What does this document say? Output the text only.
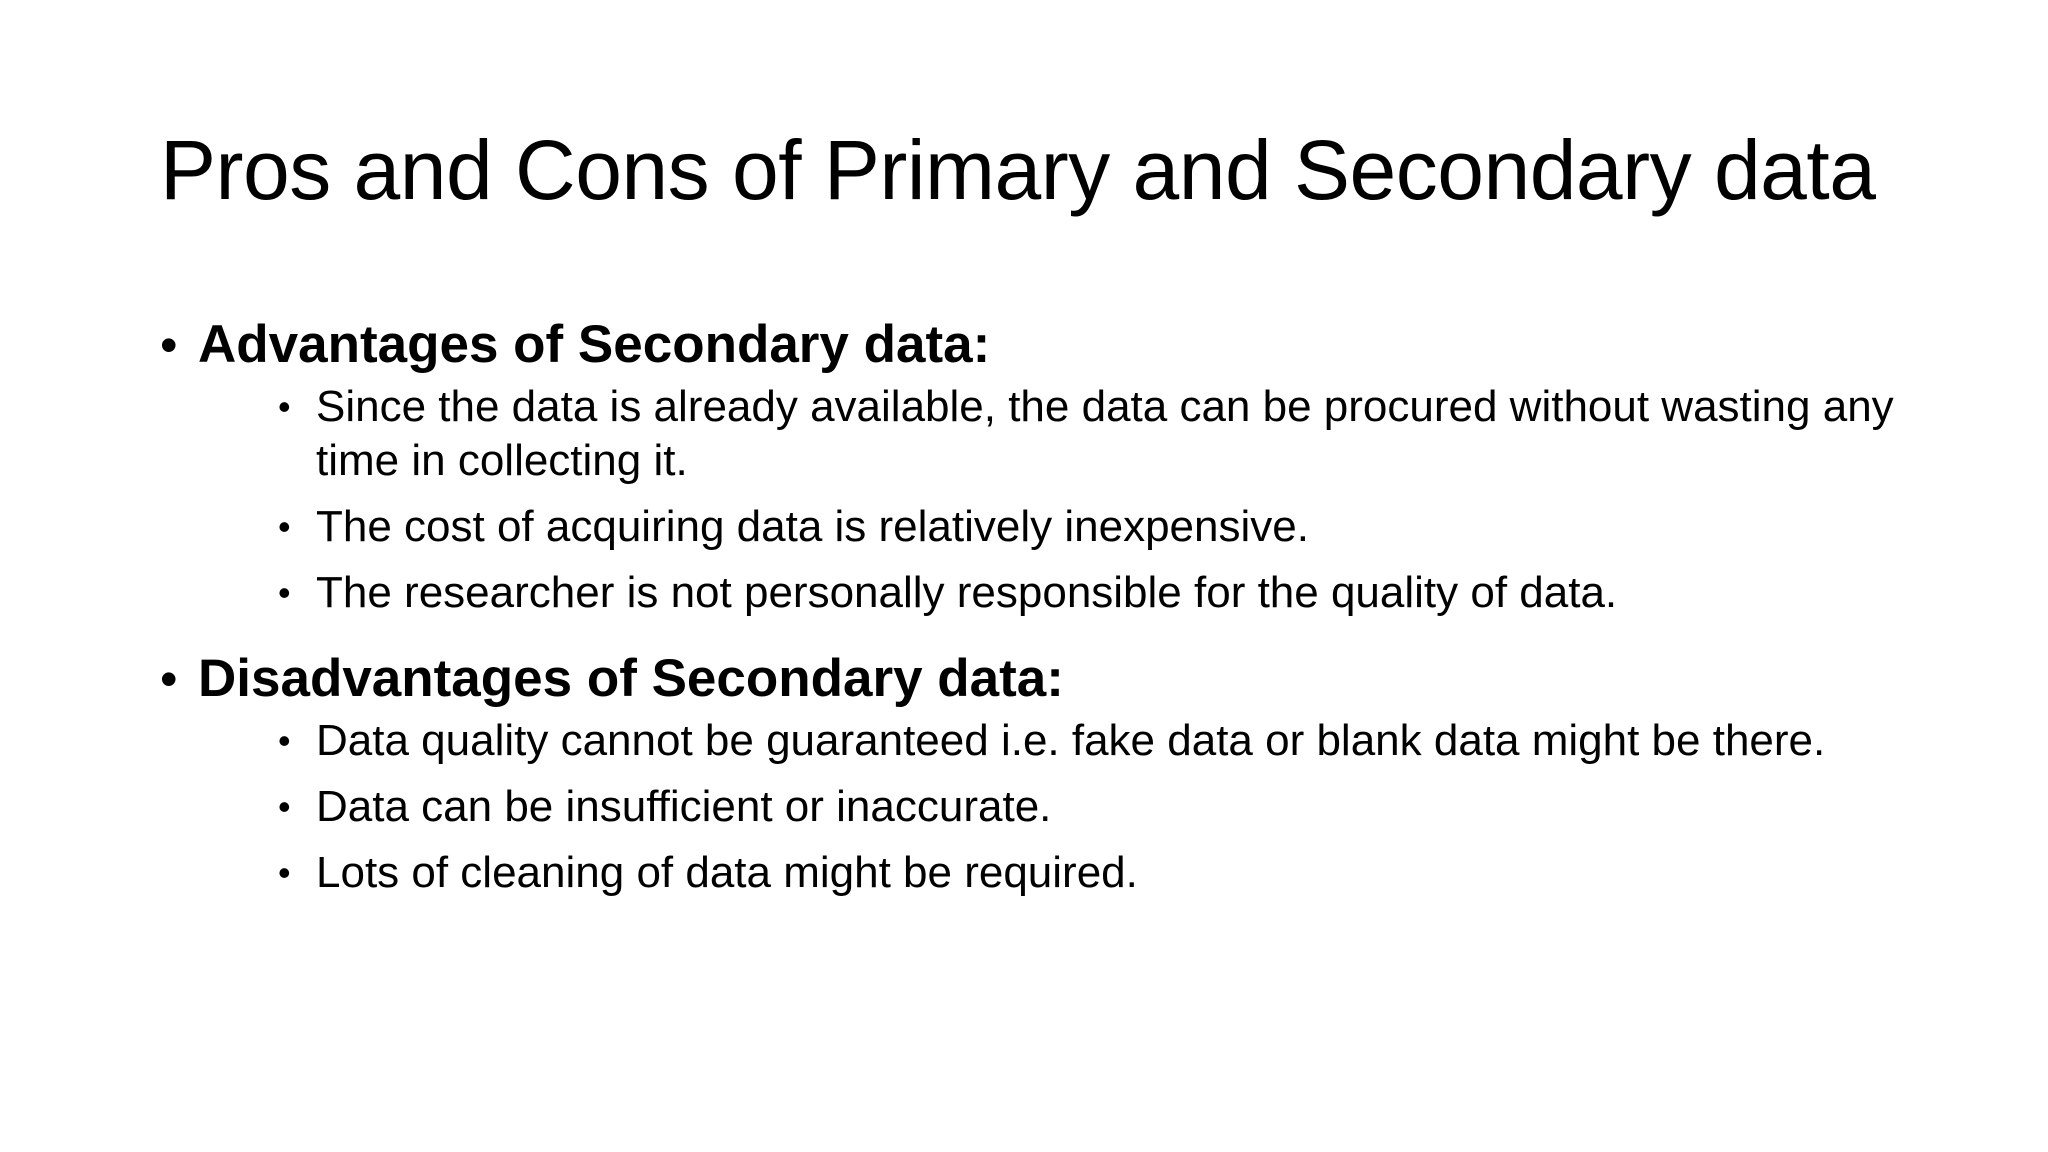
Pros and Cons of Primary and Secondary data
• Advantages of Secondary data:
• Since the data is already available, the data can be procured without wasting any time in collecting it.
• The cost of acquiring data is relatively inexpensive.
• The researcher is not personally responsible for the quality of data.
• Disadvantages of Secondary data:
• Data quality cannot be guaranteed i.e. fake data or blank data might be there.
• Data can be insufficient or inaccurate.
• Lots of cleaning of data might be required.
